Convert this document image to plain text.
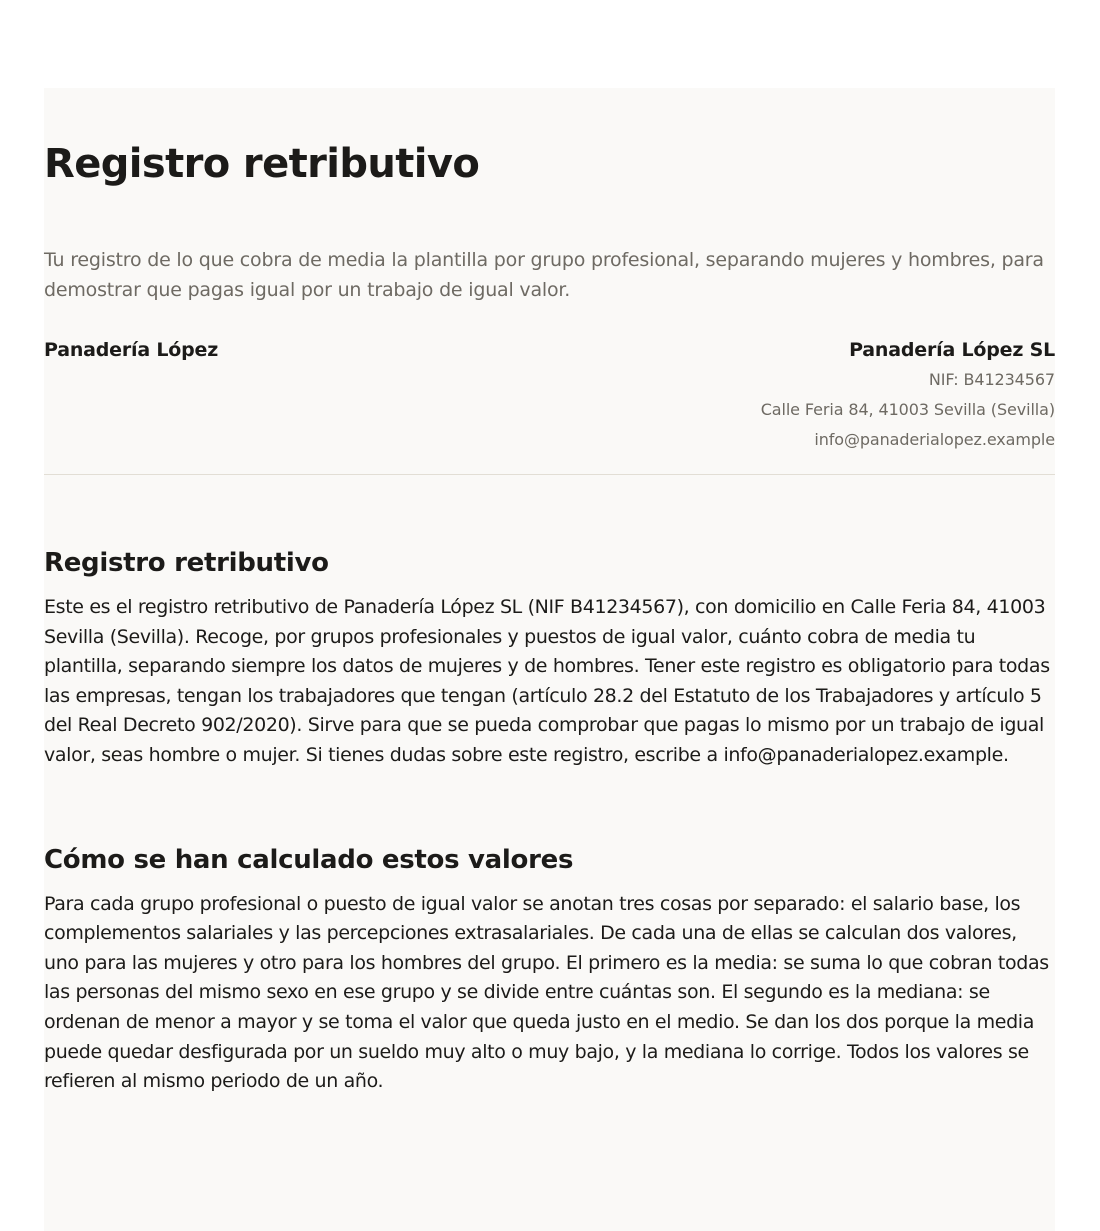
Registro retributivo

Tu registro de lo que cobra de media la plantilla por grupo profesional, separando mujeres y hombres, para demostrar que pagas igual por un trabajo de igual valor.

Panadería López	Panadería López SL
NIF: B41234567
Calle Feria 84, 41003 Sevilla (Sevilla)
info@panaderialopez.example
Registro retributivo

Este es el registro retributivo de Panadería López SL (NIF B41234567), con domicilio en Calle Feria 84, 41003 Sevilla (Sevilla). Recoge, por grupos profesionales y puestos de igual valor, cuánto cobra de media tu plantilla, separando siempre los datos de mujeres y de hombres. Tener este registro es obligatorio para todas las empresas, tengan los trabajadores que tengan (artículo 28.2 del Estatuto de los Trabajadores y artículo 5 del Real Decreto 902/2020). Sirve para que se pueda comprobar que pagas lo mismo por un trabajo de igual valor, seas hombre o mujer. Si tienes dudas sobre este registro, escribe a info@panaderialopez.example.

Cómo se han calculado estos valores

Para cada grupo profesional o puesto de igual valor se anotan tres cosas por separado: el salario base, los complementos salariales y las percepciones extrasalariales. De cada una de ellas se calculan dos valores, uno para las mujeres y otro para los hombres del grupo. El primero es la media: se suma lo que cobran todas las personas del mismo sexo en ese grupo y se divide entre cuántas son. El segundo es la mediana: se ordenan de menor a mayor y se toma el valor que queda justo en el medio. Se dan los dos porque la media puede quedar desfigurada por un sueldo muy alto o muy bajo, y la mediana lo corrige. Todos los valores se refieren al mismo periodo de un año.
